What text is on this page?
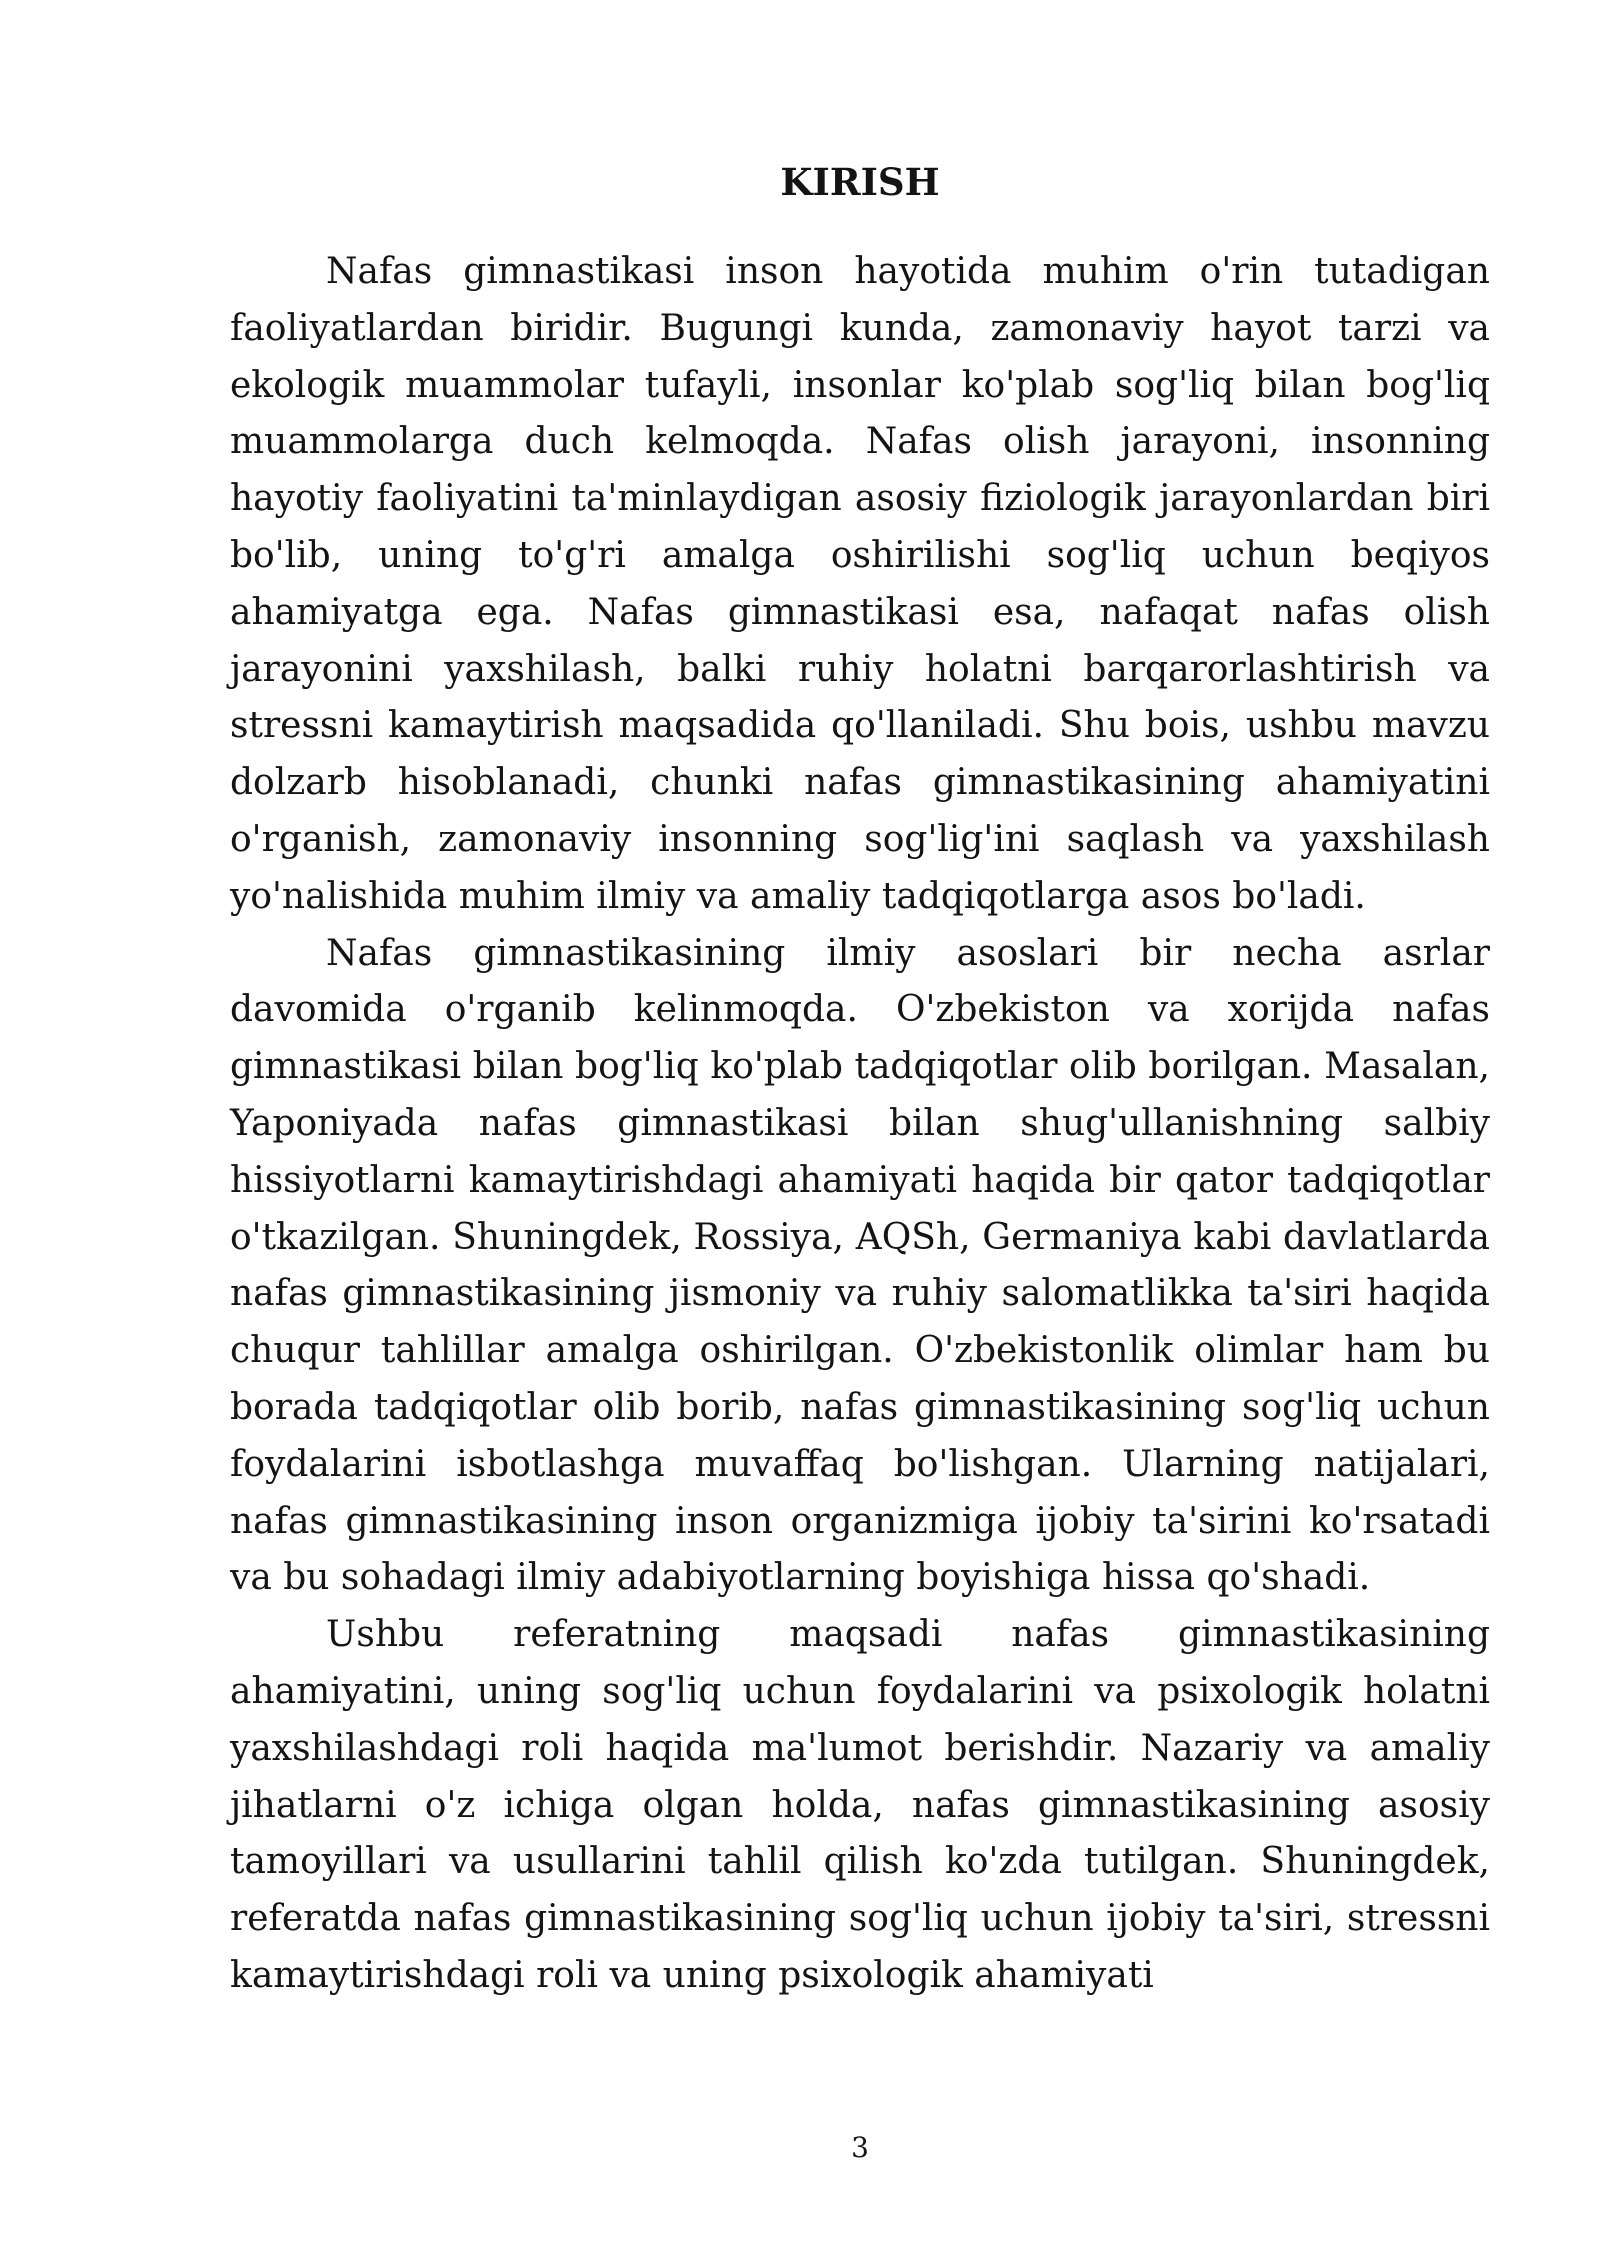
KIRISH

Nafas gimnastikasi inson hayotida muhim o'rin tutadigan faoliyatlardan biridir. Bugungi kunda, zamonaviy hayot tarzi va ekologik muammolar tufayli, insonlar ko'plab sog'liq bilan bog'liq muammolarga duch kelmoqda. Nafas olish jarayoni, insonning hayotiy faoliyatini ta'minlaydigan asosiy fiziologik jarayonlardan biri bo'lib, uning to'g'ri amalga oshirilishi sog'liq uchun beqiyos ahamiyatga ega. Nafas gimnastikasi esa, nafaqat nafas olish jarayonini yaxshilash, balki ruhiy holatni barqarorlashtirish va stressni kamaytirish maqsadida qo'llaniladi. Shu bois, ushbu mavzu dolzarb hisoblanadi, chunki nafas gimnastikasining ahamiyatini o'rganish, zamonaviy insonning sog'lig'ini saqlash va yaxshilash yo'nalishida muhim ilmiy va amaliy tadqiqotlarga asos bo'ladi.

Nafas gimnastikasining ilmiy asoslari bir necha asrlar davomida o'rganib kelinmoqda. O'zbekiston va xorijda nafas gimnastikasi bilan bog'liq ko'plab tadqiqotlar olib borilgan. Masalan, Yaponiyada nafas gimnastikasi bilan shug'ullanishning salbiy hissiyotlarni kamaytirishdagi ahamiyati haqida bir qator tadqiqotlar o'tkazilgan. Shuningdek, Rossiya, AQSh, Germaniya kabi davlatlarda nafas gimnastikasining jismoniy va ruhiy salomatlikka ta'siri haqida chuqur tahlillar amalga oshirilgan. O'zbekistonlik olimlar ham bu borada tadqiqotlar olib borib, nafas gimnastikasining sog'liq uchun foydalarini isbotlashga muvaffaq bo'lishgan. Ularning natijalari, nafas gimnastikasining inson organizmiga ijobiy ta'sirini ko'rsatadi va bu sohadagi ilmiy adabiyotlarning boyishiga hissa qo'shadi.

Ushbu referatning maqsadi nafas gimnastikasining ahamiyatini, uning sog'liq uchun foydalarini va psixologik holatni yaxshilashdagi roli haqida ma'lumot berishdir. Nazariy va amaliy jihatlarni o'z ichiga olgan holda, nafas gimnastikasining asosiy tamoyillari va usullarini tahlil qilish ko'zda tutilgan. Shuningdek, referatda nafas gimnastikasining sog'liq uchun ijobiy ta'siri, stressni kamaytirishdagi roli va uning psixologik ahamiyati

3
